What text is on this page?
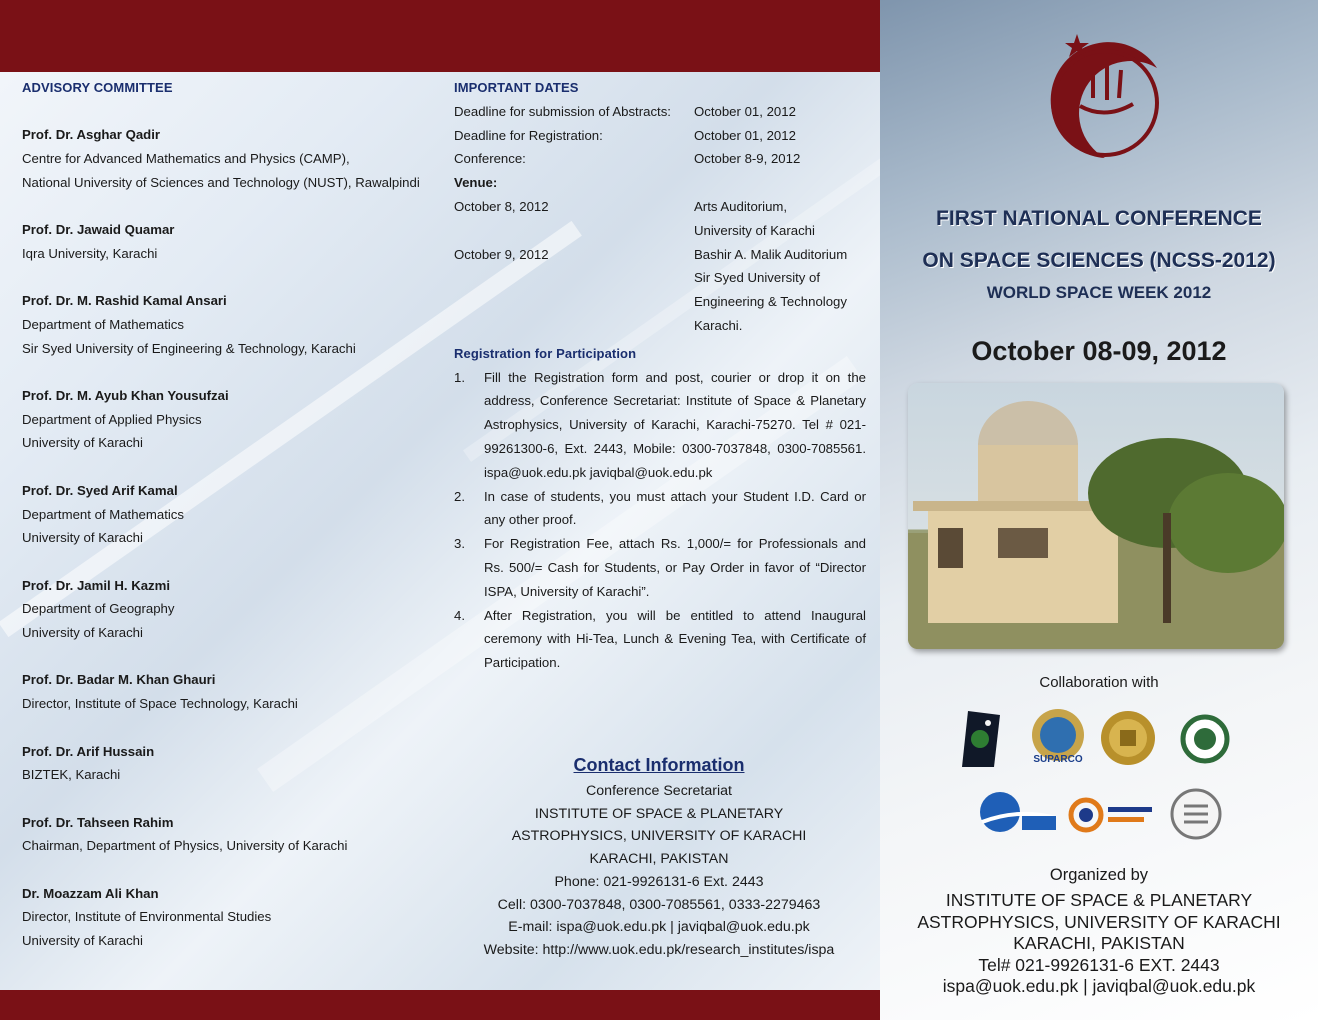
ADVISORY COMMITTEE
Prof. Dr. Asghar Qadir
Centre for Advanced Mathematics and Physics (CAMP),
National University of Sciences and Technology (NUST), Rawalpindi
Prof. Dr. Jawaid Quamar
Iqra University, Karachi
Prof. Dr. M. Rashid Kamal Ansari
Department of Mathematics
Sir Syed University of Engineering & Technology, Karachi
Prof. Dr. M. Ayub Khan Yousufzai
Department of Applied Physics
University of Karachi
Prof. Dr. Syed Arif Kamal
Department of Mathematics
University of Karachi
Prof. Dr. Jamil H. Kazmi
Department of Geography
University of Karachi
Prof. Dr. Badar M. Khan Ghauri
Director, Institute of Space Technology, Karachi
Prof. Dr. Arif Hussain
BIZTEK, Karachi
Prof. Dr. Tahseen Rahim
Chairman, Department of Physics, University of Karachi
Dr. Moazzam Ali Khan
Director, Institute of Environmental Studies
University of Karachi
IMPORTANT DATES
Deadline for submission of Abstracts:	October 01, 2012
Deadline for Registration:	October 01, 2012
Conference:	October 8-9, 2012
Venue:
October 8, 2012	Arts Auditorium,
University of Karachi
October 9, 2012	Bashir A. Malik Auditorium
Sir Syed University of
Engineering & Technology
Karachi.
Registration for Participation
1.	Fill the Registration form and post, courier or drop it on the address, Conference Secretariat: Institute of Space & Planetary Astrophysics, University of Karachi, Karachi-75270. Tel # 021-99261300-6, Ext. 2443, Mobile: 0300-7037848, 0300-7085561. ispa@uok.edu.pk javiqbal@uok.edu.pk
2.	In case of students, you must attach your Student I.D. Card or any other proof.
3.	For Registration Fee, attach Rs. 1,000/= for Professionals and Rs. 500/= Cash for Students, or Pay Order in favor of “Director ISPA, University of Karachi”.
4.	After Registration, you will be entitled to attend Inaugural ceremony with Hi-Tea, Lunch & Evening Tea, with Certificate of Participation.
Contact Information
Conference Secretariat
INSTITUTE OF SPACE & PLANETARY
ASTROPHYSICS, UNIVERSITY OF KARACHI
KARACHI, PAKISTAN
Phone: 021-9926131-6 Ext. 2443
Cell: 0300-7037848, 0300-7085561, 0333-2279463
E-mail: ispa@uok.edu.pk | javiqbal@uok.edu.pk
Website: http://www.uok.edu.pk/research_institutes/ispa
FIRST NATIONAL CONFERENCE
ON SPACE SCIENCES (NCSS-2012)
WORLD SPACE WEEK 2012
October 08-09, 2012
Collaboration with
SUPARCO
Organized by
INSTITUTE OF SPACE & PLANETARY
ASTROPHYSICS, UNIVERSITY OF KARACHI
KARACHI, PAKISTAN
Tel# 021-9926131-6 EXT. 2443
ispa@uok.edu.pk | javiqbal@uok.edu.pk
